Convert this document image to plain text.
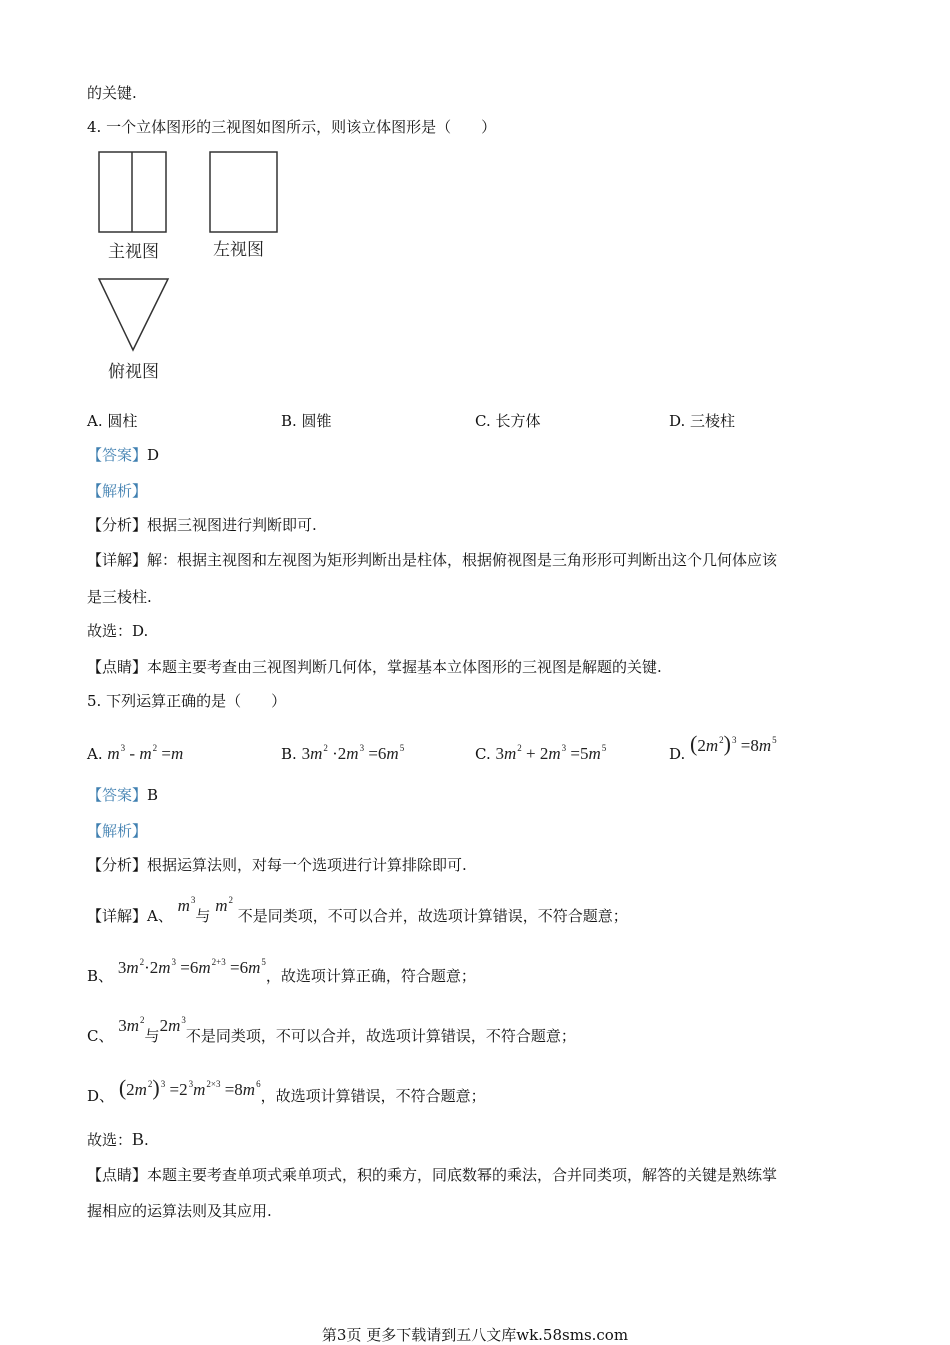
的关键.
4. 一个立体图形的三视图如图所示，则该立体图形是（　　）
主视图	左视图
俯视图
A. 圆柱	B. 圆锥	C. 长方体	D. 三棱柱
【答案】D
【解析】
【分析】根据三视图进行判断即可.
【详解】解：根据主视图和左视图为矩形判断出是柱体，根据俯视图是三角形形可判断出这个几何体应该
是三棱柱.
故选：D.
【点睛】本题主要考查由三视图判断几何体，掌握基本立体图形的三视图是解题的关键.
5. 下列运算正确的是（　　）
A. $m^3 - m^2 =m$	B. $3m^2 \cdot 2m^3 =6m^5$	C. $3m^2 + 2m^3 =5m^5$	D. $(2m^2)^3 =8m^5$
【答案】B
【解析】
【分析】根据运算法则，对每一个选项进行计算排除即可.
【详解】A、 $m^3$与 $m^2$ 不是同类项，不可以合并，故选项计算错误，不符合题意；
B、 $3m^2\cdot 2m^3 =6m^{2+3} =6m^5$，故选项计算正确，符合题意；
C、 $3m^2$与$2m^3$不是同类项，不可以合并，故选项计算错误，不符合题意；
D、 $(2m^2)^3 =2^3m^{2\times 3} =8m^6$，故选项计算错误，不符合题意；
故选：B.
【点睛】本题主要考查单项式乘单项式，积的乘方，同底数幂的乘法，合并同类项，解答的关键是熟练掌
握相应的运算法则及其应用.
第3页 更多下载请到五八文库wk.58sms.com
